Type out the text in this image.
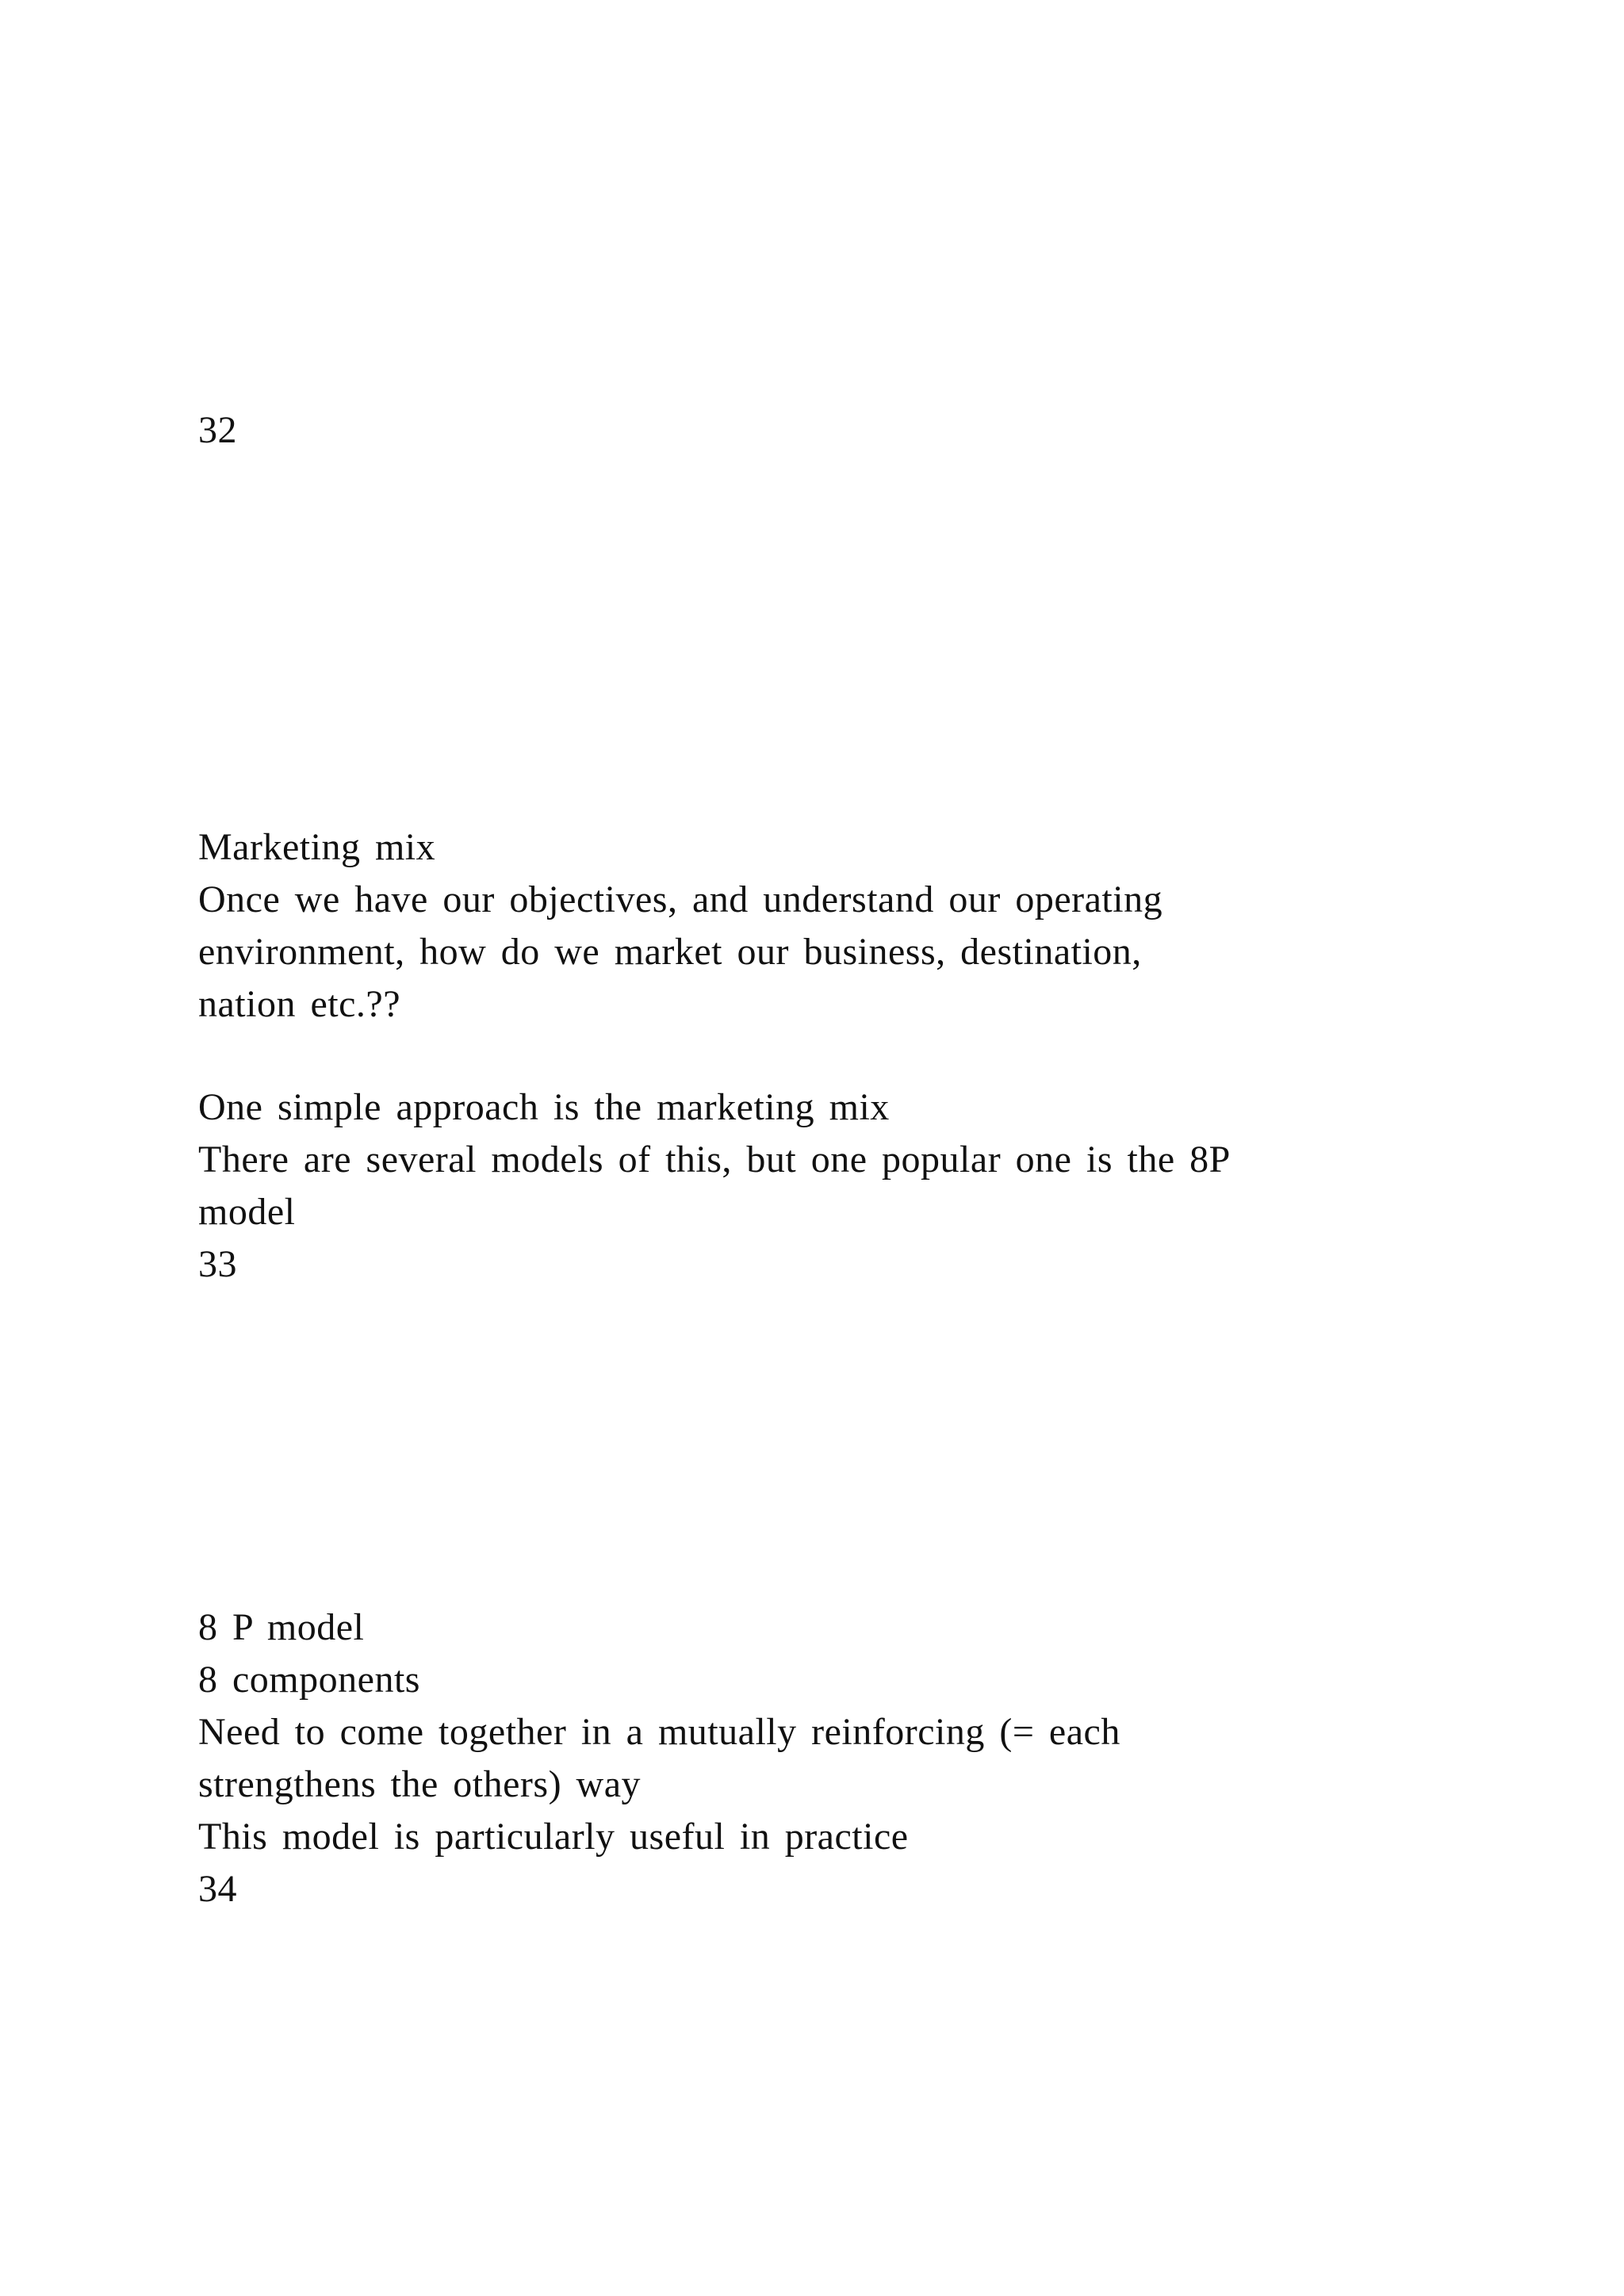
32

Marketing mix

Once we have our objectives, and understand our operating

environment, how do we market our business, destination,

nation etc.??

One simple approach is the marketing mix

There are several models of this, but one popular one is the 8P

model

33

8 P model

8 components

Need to come together in a mutually reinforcing (= each

strengthens the others) way

This model is particularly useful in practice

34
